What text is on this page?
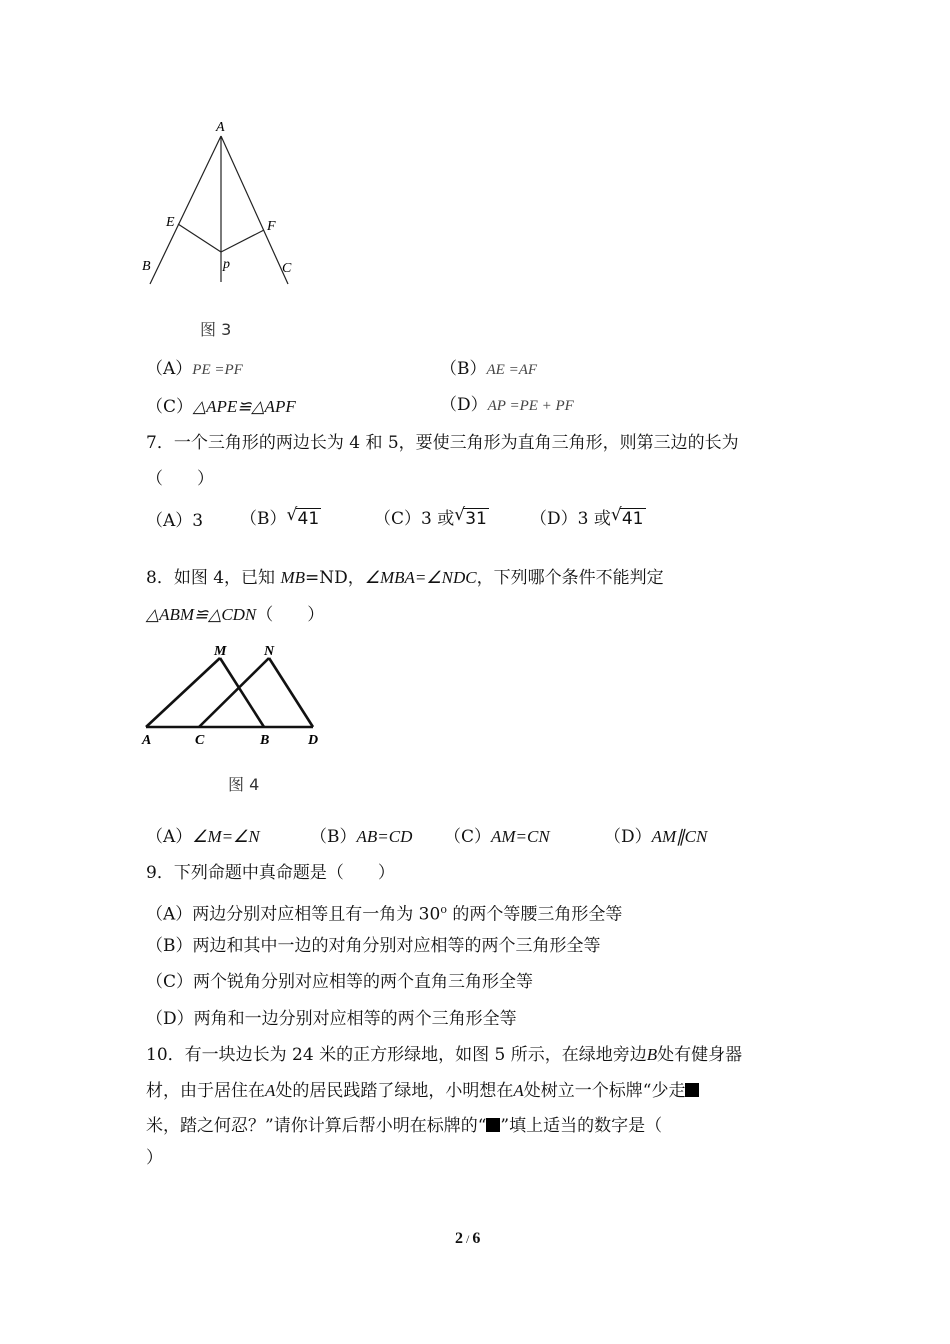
A
E	F
B	p	C
图 3
（A）PE =PF	（B）AE =AF
（C）△APE≌△APF	（D）AP =PE + PF
7．一个三角形的两边长为 4 和 5，要使三角形为直角三角形，则第三边的长为
（　　）
（A）3 （B） √ 41	（C）3 或 √ 31	（D）3 或 √ 41
8．如图 4，已知 MB=ND，∠MBA=∠NDC，下列哪个条件不能判定
△ABM≌△CDN（　　）
M	N
A	C	B	D
图 4
（A）∠M=∠N	（B）AB=CD （C）AM=CN	（D）AM∥CN
9．下列命题中真命题是（　　）
（A）两边分别对应相等且有一角为 30$^o$ 的两个等腰三角形全等
（B）两边和其中一边的对角分别对应相等的两个三角形全等
（C）两个锐角分别对应相等的两个直角三角形全等
（D）两角和一边分别对应相等的两个三角形全等
10．有一块边长为 24 米的正方形绿地，如图 5 所示，在绿地旁边B处有健身器
材，由于居住在A处的居民践踏了绿地，小明想在A处树立一个标牌“少走
米，踏之何忍？”请你计算后帮小明在标牌的“ ”填上适当的数字是（
）
2 / 6
